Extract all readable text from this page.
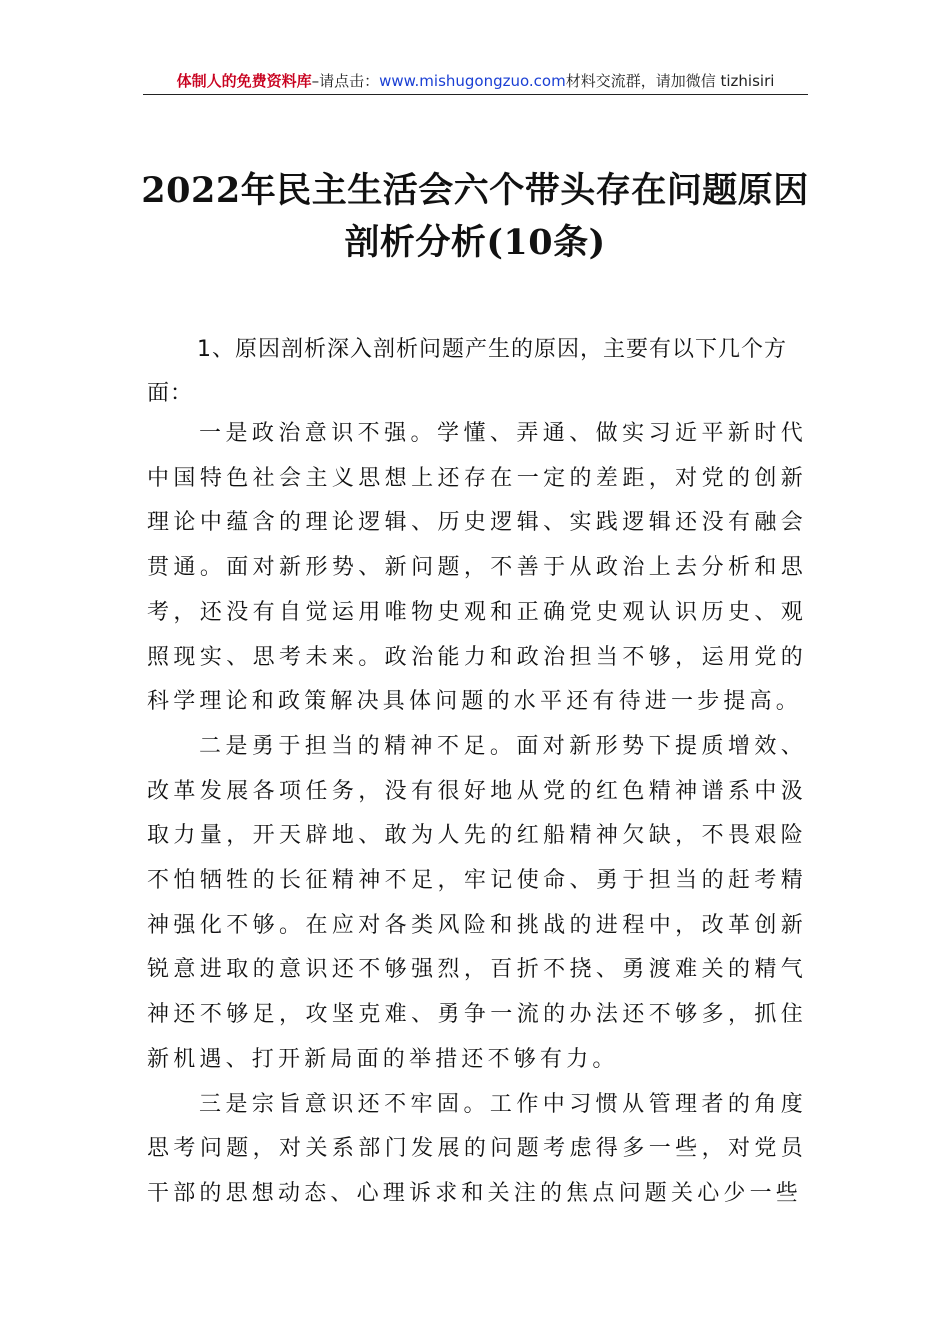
体制人的免费资料库–请点击：www.mishugongzuo.com材料交流群，请加微信 tizhisiri
2022年民主生活会六个带头存在问题原因
剖析分析(10条)
1、原因剖析深入剖析问题产生的原因，主要有以下几个方面：

一是政治意识不强。学懂、弄通、做实习近平新时代中国特色社会主义思想上还存在一定的差距，对党的创新理论中蕴含的理论逻辑、历史逻辑、实践逻辑还没有融会贯通。面对新形势、新问题，不善于从政治上去分析和思考，还没有自觉运用唯物史观和正确党史观认识历史、观照现实、思考未来。政治能力和政治担当不够，运用党的科学理论和政策解决具体问题的水平还有待进一步提高。

二是勇于担当的精神不足。面对新形势下提质增效、改革发展各项任务，没有很好地从党的红色精神谱系中汲取力量，开天辟地、敢为人先的红船精神欠缺，不畏艰险不怕牺牲的长征精神不足，牢记使命、勇于担当的赶考精神强化不够。在应对各类风险和挑战的进程中，改革创新锐意进取的意识还不够强烈，百折不挠、勇渡难关的精气神还不够足，攻坚克难、勇争一流的办法还不够多，抓住新机遇、打开新局面的举措还不够有力。

三是宗旨意识还不牢固。工作中习惯从管理者的角度思考问题，对关系部门发展的问题考虑得多一些，对党员干部的思想动态、心理诉求和关注的焦点问题关心少一些
